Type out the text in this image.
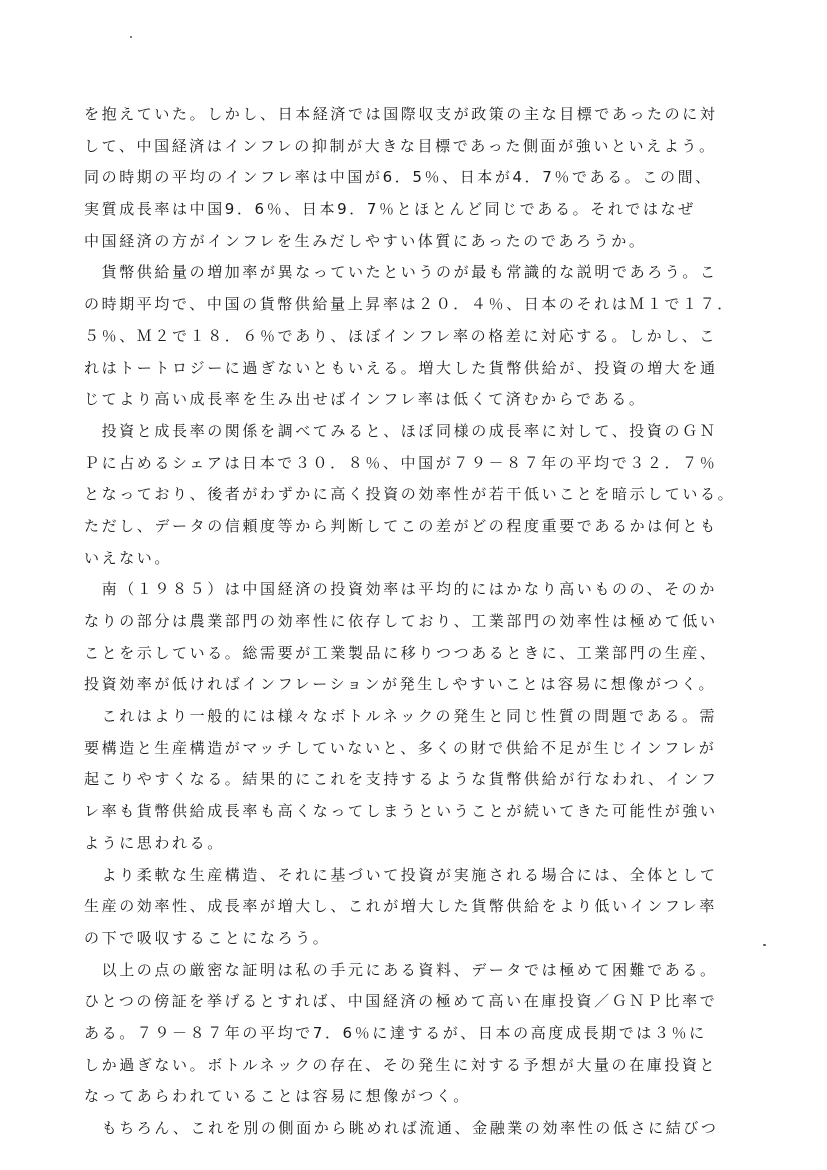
を抱えていた。しかし、日本経済では国際収支が政策の主な目標であったのに対
して、中国経済はインフレの抑制が大きな目標であった側面が強いといえよう。
同の時期の平均のインフレ率は中国が6．5％、日本が4．7％である。この間、
実質成長率は中国9．6％、日本9．7％とほとんど同じである。それではなぜ
中国経済の方がインフレを生みだしやすい体質にあったのであろうか。
　貨幣供給量の増加率が異なっていたというのが最も常識的な説明であろう。こ
の時期平均で、中国の貨幣供給量上昇率は２０．４％、日本のそれはＭ１で１７．
５％、Ｍ２で１８．６％であり、ほぼインフレ率の格差に対応する。しかし、こ
れはトートロジーに過ぎないともいえる。増大した貨幣供給が、投資の増大を通
じてより高い成長率を生み出せばインフレ率は低くて済むからである。
　投資と成長率の関係を調べてみると、ほぼ同様の成長率に対して、投資のＧＮ
Ｐに占めるシェアは日本で３０．８％、中国が７９－８７年の平均で３２．７％
となっており、後者がわずかに高く投資の効率性が若干低いことを暗示している。
ただし、データの信頼度等から判断してこの差がどの程度重要であるかは何とも
いえない。
　南（１９８５）は中国経済の投資効率は平均的にはかなり高いものの、そのか
なりの部分は農業部門の効率性に依存しており、工業部門の効率性は極めて低い
ことを示している。総需要が工業製品に移りつつあるときに、工業部門の生産、
投資効率が低ければインフレーションが発生しやすいことは容易に想像がつく。
　これはより一般的には様々なボトルネックの発生と同じ性質の問題である。需
要構造と生産構造がマッチしていないと、多くの財で供給不足が生じインフレが
起こりやすくなる。結果的にこれを支持するような貨幣供給が行なわれ、インフ
レ率も貨幣供給成長率も高くなってしまうということが続いてきた可能性が強い
ように思われる。
　より柔軟な生産構造、それに基づいて投資が実施される場合には、全体として
生産の効率性、成長率が増大し、これが増大した貨幣供給をより低いインフレ率
の下で吸収することになろう。
　以上の点の厳密な証明は私の手元にある資料、データでは極めて困難である。
ひとつの傍証を挙げるとすれば、中国経済の極めて高い在庫投資／ＧＮＰ比率で
ある。７９－８７年の平均で7．6％に達するが、日本の高度成長期では３％に
しか過ぎない。ボトルネックの存在、その発生に対する予想が大量の在庫投資と
なってあらわれていることは容易に想像がつく。
　もちろん、これを別の側面から眺めれば流通、金融業の効率性の低さに結びつ
